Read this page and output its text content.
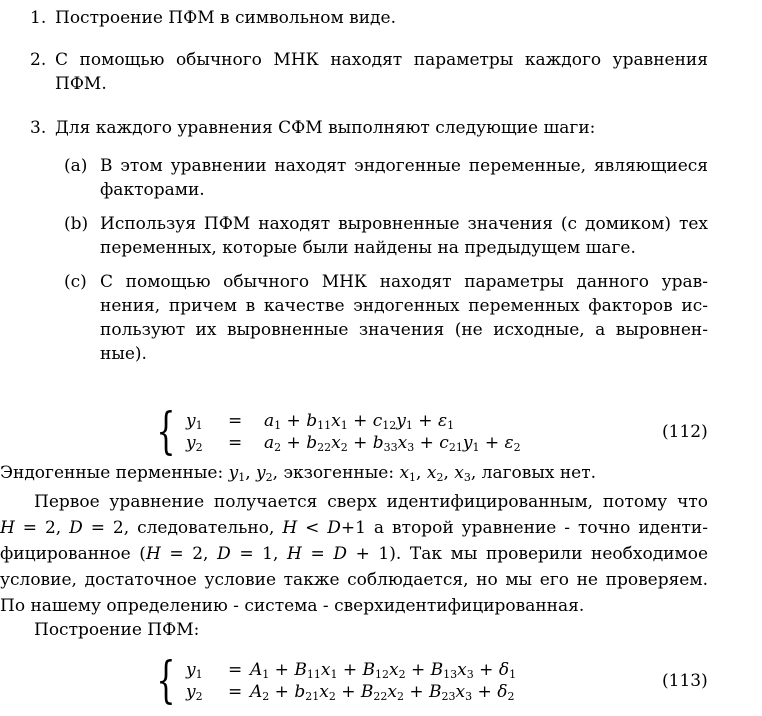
1. Построение ПФМ в символьном виде.
2. С помощью обычного МНК находят параметры каждого уравнения
ПФМ.
3. Для каждого уравнения СФМ выполняют следующие шаги:
(a) В этом уравнении находят эндогенные переменные, являющиеся
факторами.
(b) Используя ПФМ находят выровненные значения (с домиком) тех
переменных, которые были найдены на предыдущем шаге.
(c) С помощью обычного МНК находят параметры данного урав-
нения, причем в качестве эндогенных переменных факторов ис-
пользуют их выровненные значения (не исходные, а выровнен-
ные).
{ $y_1 = a_1 + b_{11}x_1 + c_{12}y_1 + \varepsilon_1$
$y_2 = a_2 + b_{22}x_2 + b_{33}x_3 + c_{21}y_1 + \varepsilon_2$
(112)
Эндогенные перменные: $y_1$, $y_2$, экзогенные: $x_1$, $x_2$, $x_3$, лаговых нет.
Первое уравнение получается сверх идентифицированным, потому что
H = 2, D = 2, следовательно, H < D+1 а второй уравнение - точно иденти-
фицированное (H = 2, D = 1, H = D + 1). Так мы проверили необходимое
условие, достаточное условие также соблюдается, но мы его не проверяем.
По нашему определению - система - сверхидентифицированная.
Построение ПФМ:
{ $y_1 = A_1 + B_{11}x_1 + B_{12}x_2 + B_{13}x_3 + \delta_1$
$y_2 = A_2 + b_{21}x_2 + B_{22}x_2 + B_{23}x_3 + \delta_2$
(113)
